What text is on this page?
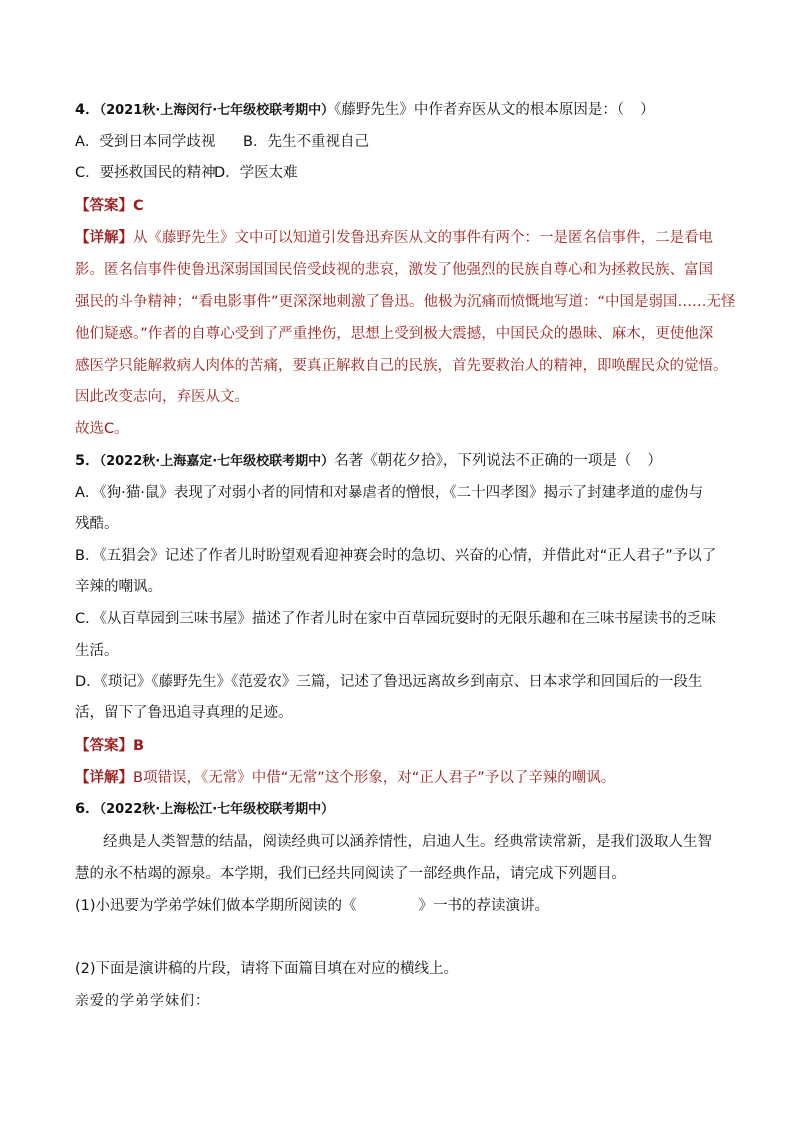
4．（2021秋·上海闵行·七年级校联考期中）《藤野先生》中作者弃医从文的根本原因是：（ ）
A．受到日本同学歧视 B．先生不重视自己
C．要拯救国民的精神
D．学医太难
【答案】C
【详解】从《藤野先生》文中可以知道引发鲁迅弃医从文的事件有两个：一是匿名信事件，二是看电
影。匿名信事件使鲁迅深弱国国民倍受歧视的悲哀，激发了他强烈的民族自尊心和为拯救民族、富国
强民的斗争精神；“看电影事件”更深深地刺激了鲁迅。他极为沉痛而愤慨地写道：“中国是弱国……无怪
他们疑惑。”作者的自尊心受到了严重挫伤，思想上受到极大震撼，中国民众的愚昧、麻木，更使他深
感医学只能解救病人肉体的苦痛，要真正解救自己的民族，首先要救治人的精神，即唤醒民众的觉悟。
因此改变志向，弃医从文。
故选C。
5．（2022秋·上海嘉定·七年级校联考期中）名著《朝花夕拾》，下列说法不正确的一项是（ ）
A．《狗·猫·鼠》表现了对弱小者的同情和对暴虐者的憎恨，《二十四孝图》揭示了封建孝道的虚伪与
残酷。
B．《五猖会》记述了作者儿时盼望观看迎神赛会时的急切、兴奋的心情，并借此对“正人君子”予以了
辛辣的嘲讽。
C．《从百草园到三味书屋》描述了作者儿时在家中百草园玩耍时的无限乐趣和在三味书屋读书的乏味
生活。
D．《琐记》《藤野先生》《范爱农》三篇，记述了鲁迅远离故乡到南京、日本求学和回国后的一段生
活，留下了鲁迅追寻真理的足迹。
【答案】B
【详解】B项错误，《无常》中借“无常”这个形象，对“正人君子”予以了辛辣的嘲讽。
6．（2022秋·上海松江·七年级校联考期中）
经典是人类智慧的结晶，阅读经典可以涵养情性，启迪人生。经典常读常新，是我们汲取人生智
慧的永不枯竭的源泉。本学期，我们已经共同阅读了一部经典作品，请完成下列题目。
(1)小迅要为学弟学妹们做本学期所阅读的《	》一书的荐读演讲。
(2)下面是演讲稿的片段，请将下面篇目填在对应的横线上。
亲爱的学弟学妹们：
